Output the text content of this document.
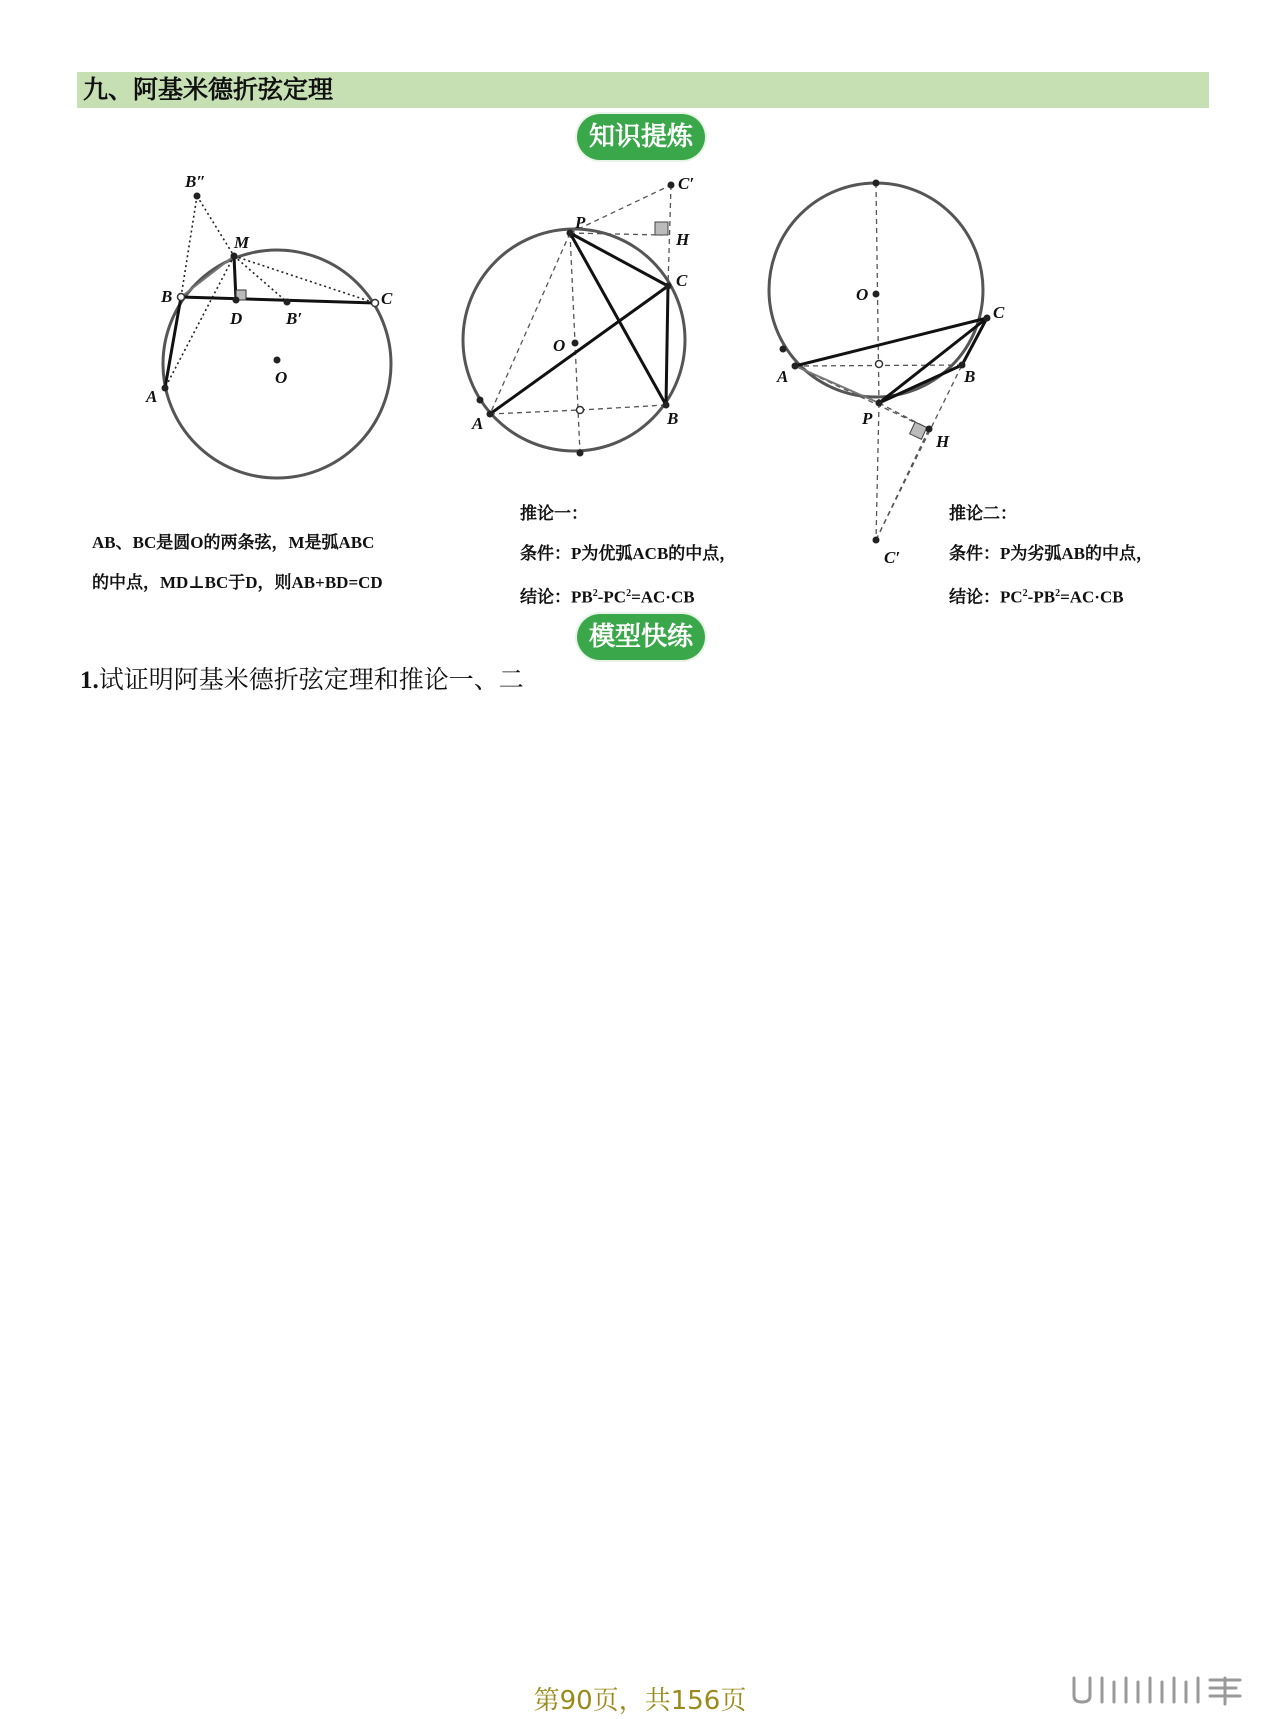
九、阿基米德折弦定理
知识提炼
B″
M
B	C
D	B′
A
O
C′
P
H
C
O
A	B
O
C
A	B
P
H
C′
AB、BC是圆O的两条弦，M是弧ABC
的中点，MD⊥BC于D，则AB+BD=CD
推论一：
条件：P为优弧ACB的中点，
结论：$PB^2-PC^2=AC\cdot CB$
推论二：
条件：P为劣弧AB的中点，
结论：$PC^2-PB^2=AC\cdot CB$
模型快练
1.试证明阿基米德折弦定理和推论一、二
第90页，共156页
